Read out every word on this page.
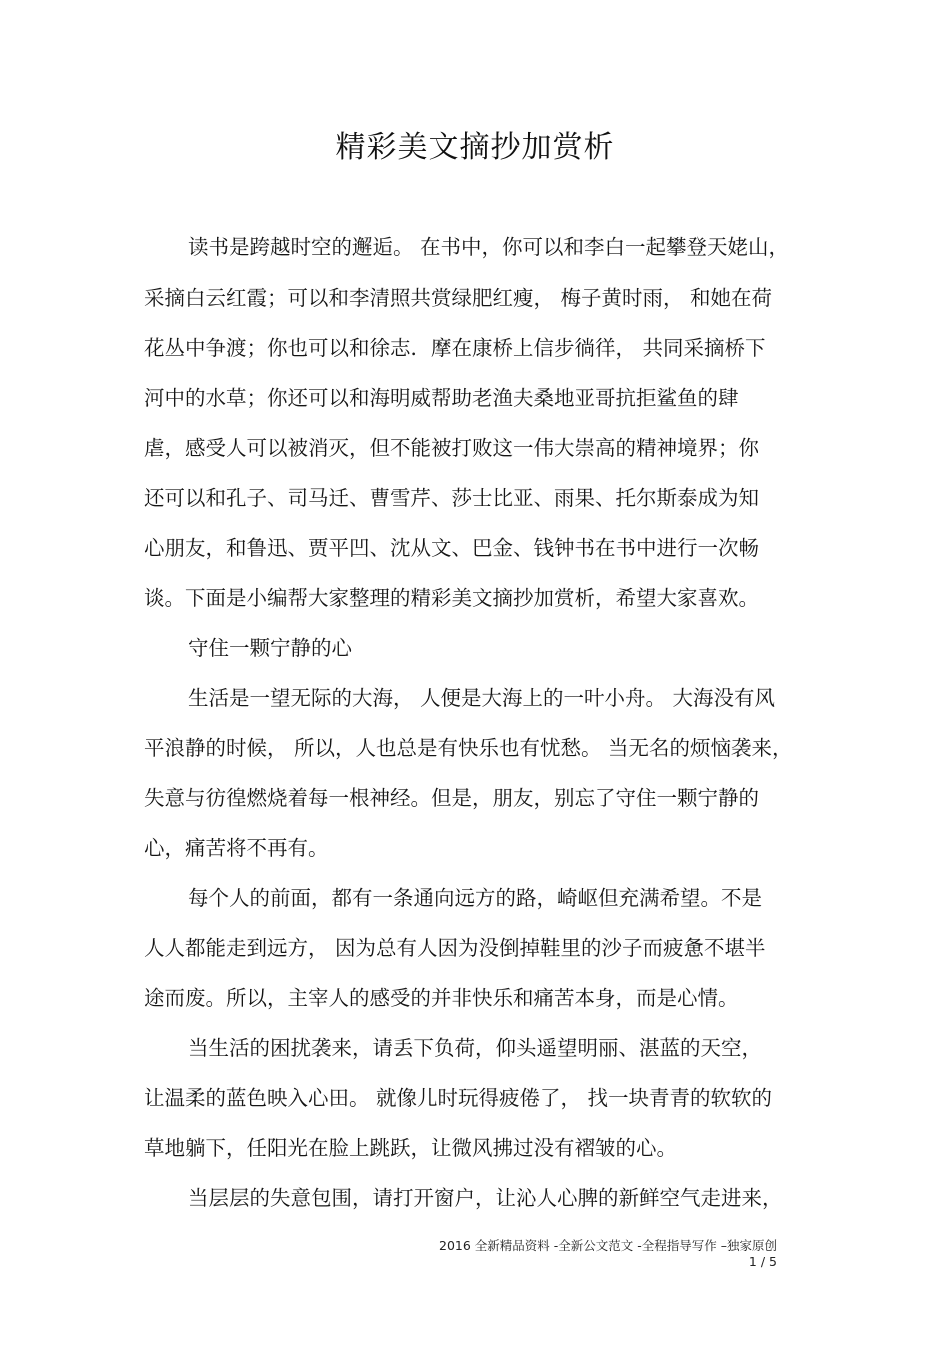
精彩美文摘抄加赏析
读书是跨越时空的邂逅。 在书中，你可以和李白一起攀登天姥山，
采摘白云红霞；可以和李清照共赏绿肥红瘦， 梅子黄时雨， 和她在荷
花丛中争渡；你也可以和徐志．摩在康桥上信步徜徉， 共同采摘桥下
河中的水草；你还可以和海明威帮助老渔夫桑地亚哥抗拒鲨鱼的肆
虐，感受人可以被消灭，但不能被打败这一伟大崇高的精神境界；你
还可以和孔子、司马迁、曹雪芹、莎士比亚、雨果、托尔斯泰成为知
心朋友，和鲁迅、贾平凹、沈从文、巴金、钱钟书在书中进行一次畅
谈。下面是小编帮大家整理的精彩美文摘抄加赏析，希望大家喜欢。
守住一颗宁静的心
生活是一望无际的大海， 人便是大海上的一叶小舟。 大海没有风
平浪静的时候， 所以，人也总是有快乐也有忧愁。 当无名的烦恼袭来，
失意与彷徨燃烧着每一根神经。但是，朋友，别忘了守住一颗宁静的
心，痛苦将不再有。
每个人的前面，都有一条通向远方的路，崎岖但充满希望。不是
人人都能走到远方， 因为总有人因为没倒掉鞋里的沙子而疲惫不堪半
途而废。所以，主宰人的感受的并非快乐和痛苦本身，而是心情。
当生活的困扰袭来，请丢下负荷，仰头遥望明丽、湛蓝的天空，
让温柔的蓝色映入心田。 就像儿时玩得疲倦了， 找一块青青的软软的
草地躺下，任阳光在脸上跳跃，让微风拂过没有褶皱的心。
当层层的失意包围，请打开窗户，让沁人心脾的新鲜空气走进来，
2016 全新精品资料 -全新公文范文 -全程指导写作 –独家原创
1 / 5
